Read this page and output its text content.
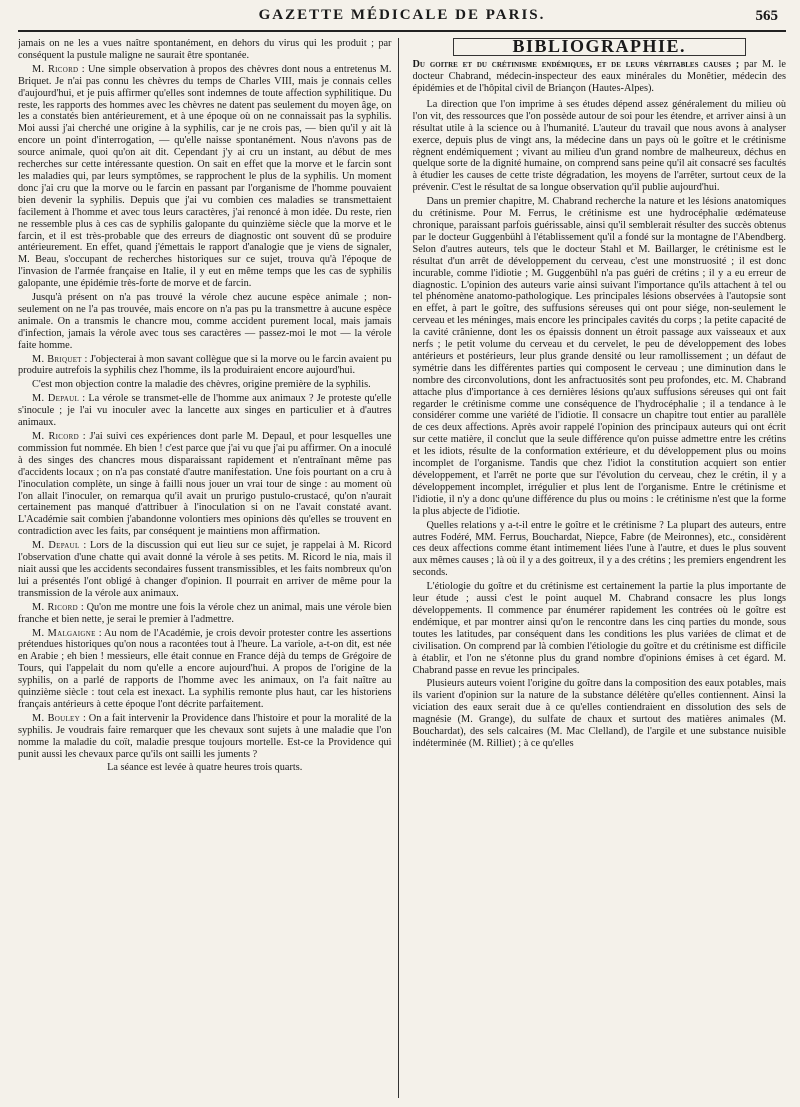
GAZETTE MÉDICALE DE PARIS.	565

jamais on ne les a vues naître spontanément, en dehors du virus qui les produit ; par conséquent la pustule maligne ne saurait être spontanée.

M. Ricord : Une simple observation à propos des chèvres dont nous a entretenus M. Briquet. Je n'ai pas connu les chèvres du temps de Charles VIII, mais je connais celles d'aujourd'hui, et je puis affirmer qu'elles sont indemnes de toute affection syphilitique. Du reste, les rapports des hommes avec les chèvres ne datent pas seulement du moyen âge, on les a constatés bien antérieurement, et à une époque où on ne connaissait pas la syphilis. Moi aussi j'ai cherché une origine à la syphilis, car je ne crois pas, — bien qu'il y ait là encore un point d'interrogation, — qu'elle naisse spontanément. Nous n'avons pas de source animale, quoi qu'on ait dit. Cependant j'y ai cru un instant, au début de mes recherches sur cette intéressante question. On sait en effet que la morve et le farcin sont les maladies qui, par leurs symptômes, se rapprochent le plus de la syphilis. Un moment donc j'ai cru que la morve ou le farcin en passant par l'organisme de l'homme pouvaient bien devenir la syphilis. Depuis que j'ai vu combien ces maladies se transmettaient facilement à l'homme et avec tous leurs caractères, j'ai renoncé à mon idée. Du reste, rien ne ressemble plus à ces cas de syphilis galopante du quinzième siècle que la morve et le farcin, et il est très-probable que des erreurs de diagnostic ont souvent dû se produire antérieurement. En effet, quand j'émettais le rapport d'analogie que je viens de signaler, M. Beau, s'occupant de recherches historiques sur ce sujet, trouva qu'à l'époque de l'invasion de l'armée française en Italie, il y eut en même temps que les cas de syphilis galopante, une épidémie très-forte de morve et de farcin.

Jusqu'à présent on n'a pas trouvé la vérole chez aucune espèce animale ; non-seulement on ne l'a pas trouvée, mais encore on n'a pas pu la transmettre à aucune espèce animale. On a transmis le chancre mou, comme accident purement local, mais jamais d'infection, jamais la vérole avec tous ses caractères — passez-moi le mot — la vérole faite homme.

M. Briquet : J'objecterai à mon savant collègue que si la morve ou le farcin avaient pu produire autrefois la syphilis chez l'homme, ils la produiraient encore aujourd'hui.

C'est mon objection contre la maladie des chèvres, origine première de la syphilis.

M. Depaul : La vérole se transmet-elle de l'homme aux animaux ? Je proteste qu'elle s'inocule ; je l'ai vu inoculer avec la lancette aux singes en particulier et à d'autres animaux.

M. Ricord : J'ai suivi ces expériences dont parle M. Depaul, et pour lesquelles une commission fut nommée. Eh bien ! c'est parce que j'ai vu que j'ai pu affirmer. On a inoculé à des singes des chancres mous disparaissant rapidement et n'entraînant même pas d'accidents locaux ; on n'a pas constaté d'autre manifestation. Une fois pourtant on a cru à l'inoculation complète, un singe à failli nous jouer un vrai tour de singe : au moment où l'on allait l'inoculer, on remarqua qu'il avait un prurigo pustulo-crustacé, qu'on n'aurait certainement pas manqué d'attribuer à l'inoculation si on ne l'avait constaté avant. L'Académie sait combien j'abandonne volontiers mes opinions dès qu'elles se trouvent en contradiction avec les faits, par conséquent je maintiens mon affirmation.

M. Depaul : Lors de la discussion qui eut lieu sur ce sujet, je rappelai à M. Ricord l'observation d'une chatte qui avait donné la vérole à ses petits. M. Ricord le nia, mais il niait aussi que les accidents secondaires fussent transmissibles, et les faits nombreux qu'on lui a présentés l'ont obligé à changer d'opinion. Il pourrait en arriver de même pour la transmission de la vérole aux animaux.

M. Ricord : Qu'on me montre une fois la vérole chez un animal, mais une vérole bien franche et bien nette, je serai le premier à l'admettre.

M. Malgaigne : Au nom de l'Académie, je crois devoir protester contre les assertions prétendues historiques qu'on nous a racontées tout à l'heure. La variole, a-t-on dit, est née en Arabie ; eh bien ! messieurs, elle était connue en France déjà du temps de Grégoire de Tours, qui l'appelait du nom qu'elle a encore aujourd'hui. A propos de l'origine de la syphilis, on a parlé de rapports de l'homme avec les animaux, on l'a fait naître au quinzième siècle : tout cela est inexact. La syphilis remonte plus haut, car les historiens français antérieurs à cette époque l'ont décrite parfaitement.

M. Bouley : On a fait intervenir la Providence dans l'histoire et pour la moralité de la syphilis. Je voudrais faire remarquer que les chevaux sont sujets à une maladie que l'on nomme la maladie du coït, maladie presque toujours mortelle. Est-ce la Providence qui punit aussi les chevaux parce qu'ils ont sailli les juments ?

La séance est levée à quatre heures trois quarts.

BIBLIOGRAPHIE.
Du goitre et du crétinisme endémiques, et de leurs véritables causes ; par M. le docteur Chabrand, médecin-inspecteur des eaux minérales du Monêtier, médecin des épidémies et de l'hôpital civil de Briançon (Hautes-Alpes).

La direction que l'on imprime à ses études dépend assez généralement du milieu où l'on vit, des ressources que l'on possède autour de soi pour les étendre, et arriver ainsi à un résultat utile à la science ou à l'humanité. L'auteur du travail que nous avons à analyser exerce, depuis plus de vingt ans, la médecine dans un pays où le goître et le crétinisme règnent endémiquement ; vivant au milieu d'un grand nombre de malheureux, déchus en quelque sorte de la dignité humaine, on comprend sans peine qu'il ait consacré ses facultés à étudier les causes de cette triste dégradation, les moyens de l'arrêter, surtout ceux de la prévenir. C'est le résultat de sa longue observation qu'il publie aujourd'hui.

Dans un premier chapitre, M. Chabrand recherche la nature et les lésions anatomiques du crétinisme. Pour M. Ferrus, le crétinisme est une hydrocéphalie œdémateuse chronique, paraissant parfois guérissable, ainsi qu'il semblerait résulter des succès obtenus par le docteur Guggenbühl à l'établissement qu'il a fondé sur la montagne de l'Abendberg. Selon d'autres auteurs, tels que le docteur Stahl et M. Baillarger, le crétinisme est le résultat d'un arrêt de développement du cerveau, c'est une monstruosité ; il est donc incurable, comme l'idiotie ; M. Guggenbühl n'a pas guéri de crétins ; il y a eu erreur de diagnostic. L'opinion des auteurs varie ainsi suivant l'importance qu'ils attachent à tel ou tel phénomène anatomo-pathologique. Les principales lésions observées à l'autopsie sont en effet, à part le goître, des suffusions séreuses qui ont pour siége, non-seulement le cerveau et les méninges, mais encore les principales cavités du corps ; la petite capacité de la cavité crânienne, dont les os épaissis donnent un étroit passage aux vaisseaux et aux nerfs ; le petit volume du cerveau et du cervelet, le peu de développement des lobes antérieurs et postérieurs, leur plus grande densité ou leur ramollissement ; un défaut de symétrie dans les différentes parties qui composent le cerveau ; une diminution dans le nombre des circonvolutions, dont les anfractuosités sont peu profondes, etc. M. Chabrand attache plus d'importance à ces dernières lésions qu'aux suffusions séreuses qui ont fait regarder le crétinisme comme une conséquence de l'hydrocéphalie ; il a tendance à le considérer comme une variété de l'idiotie. Il consacre un chapitre tout entier au parallèle de ces deux affections. Après avoir rappelé l'opinion des principaux auteurs qui ont écrit sur cette matière, il conclut que la seule différence qu'on puisse admettre entre les crétins et les idiots, résulte de la conformation extérieure, et du développement plus ou moins incomplet de l'organisme. Tandis que chez l'idiot la constitution acquiert son entier développement, et l'arrêt ne porte que sur l'évolution du cerveau, chez le crétin, il y a développement incomplet, irrégulier et plus lent de l'organisme. Entre le crétinisme et l'idiotie, il n'y a donc qu'une différence du plus ou moins : le crétinisme n'est que la forme la plus abjecte de l'idiotie.

Quelles relations y a-t-il entre le goître et le crétinisme ? La plupart des auteurs, entre autres Fodéré, MM. Ferrus, Bouchardat, Niepce, Fabre (de Meironnes), etc., considèrent ces deux affections comme étant intimement liées l'une à l'autre, et dues le plus souvent aux mêmes causes ; là où il y a des goitreux, il y a des crétins ; les premiers engendrent les seconds.

L'étiologie du goître et du crétinisme est certainement la partie la plus importante de leur étude ; aussi c'est le point auquel M. Chabrand consacre les plus longs développements. Il commence par énumérer rapidement les contrées où le goître est endémique, et par montrer ainsi qu'on le rencontre dans les cinq parties du monde, sous toutes les latitudes, par conséquent dans les conditions les plus variées de climat et de civilisation. On comprend par là combien l'étiologie du goître et du crétinisme est difficile à établir, et l'on ne s'étonne plus du grand nombre d'opinions émises à cet égard. M. Chabrand passe en revue les principales.

Plusieurs auteurs voient l'origine du goître dans la composition des eaux potables, mais ils varient d'opinion sur la nature de la substance délétère qu'elles contiennent. Ainsi la viciation des eaux serait due à ce qu'elles contiendraient en dissolution des sels de magnésie (M. Grange), du sulfate de chaux et surtout des matières animales (M. Bouchardat), des sels calcaires (M. Mac Clelland), de l'argile et une substance nuisible indéterminée (M. Rilliet) ; à ce qu'elles
